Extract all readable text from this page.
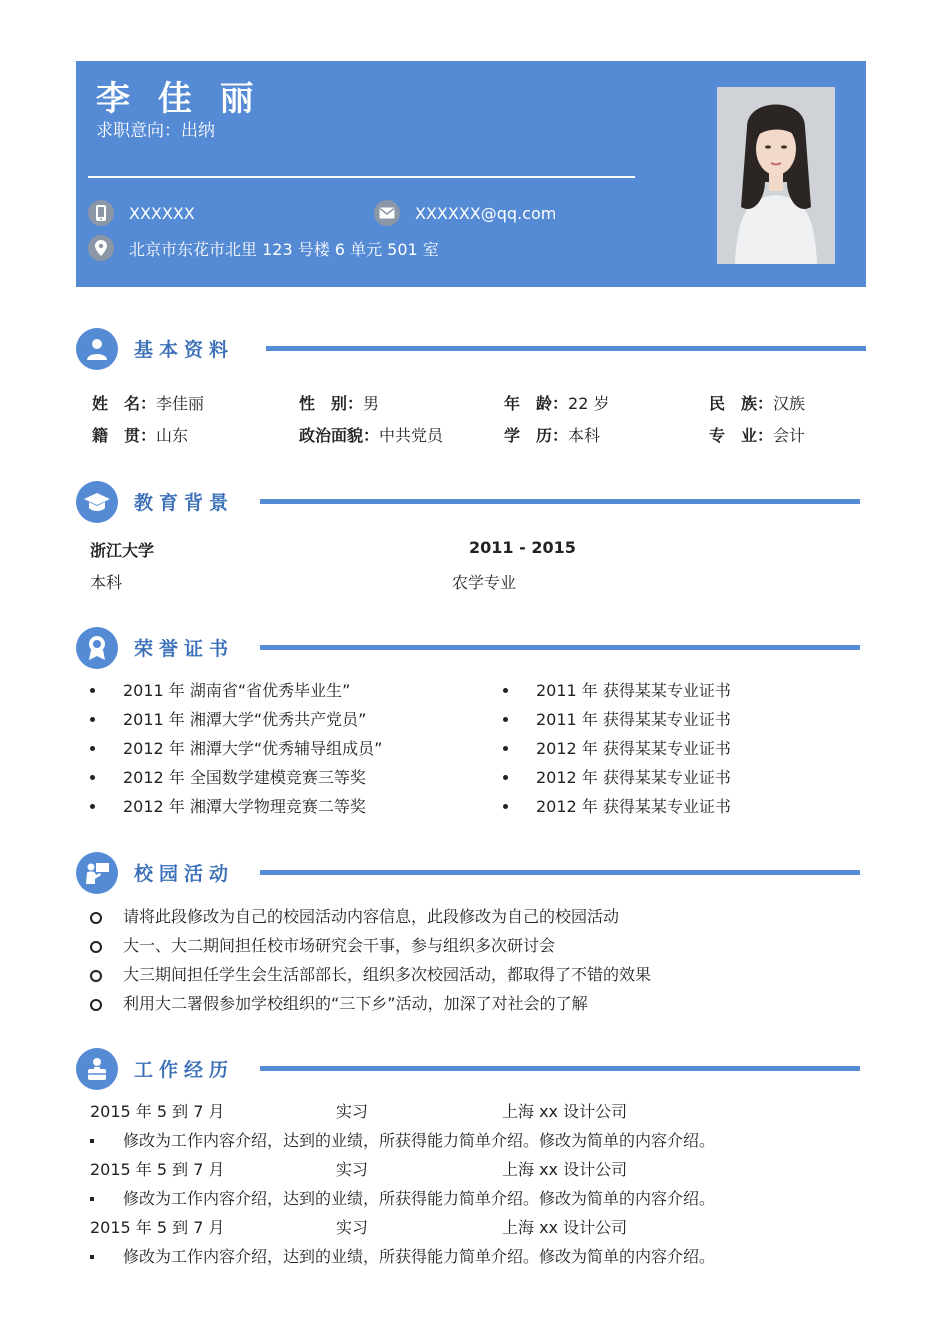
李 佳 丽
求职意向：出纳
XXXXXX	XXXXXX@qq.com
北京市东花市北里 123 号楼 6 单元 501 室
基本资料
姓　名：李佳丽	性　别：男	年　龄：22 岁	民　族：汉族
籍　贯：山东	政治面貌：中共党员	学　历：本科	专　业：会计
教育背景
浙江大学	2011 - 2015
本科	农学专业
荣誉证书
2011 年 湖南省“省优秀毕业生”
2011 年 湘潭大学“优秀共产党员”
2012 年 湘潭大学“优秀辅导组成员”
2012 年 全国数学建模竞赛三等奖
2012 年 湘潭大学物理竞赛二等奖
2011 年 获得某某专业证书
2011 年 获得某某专业证书
2012 年 获得某某专业证书
2012 年 获得某某专业证书
2012 年 获得某某专业证书
校园活动
请将此段修改为自己的校园活动内容信息，此段修改为自己的校园活动
大一、大二期间担任校市场研究会干事，参与组织多次研讨会
大三期间担任学生会生活部部长，组织多次校园活动，都取得了不错的效果
利用大二署假参加学校组织的“三下乡”活动，加深了对社会的了解
工作经历
2015 年 5 到 7 月	实习	上海 xx 设计公司
修改为工作内容介绍，达到的业绩，所获得能力简单介绍。修改为简单的内容介绍。
2015 年 5 到 7 月	实习	上海 xx 设计公司
修改为工作内容介绍，达到的业绩，所获得能力简单介绍。修改为简单的内容介绍。
2015 年 5 到 7 月	实习	上海 xx 设计公司
修改为工作内容介绍，达到的业绩，所获得能力简单介绍。修改为简单的内容介绍。
